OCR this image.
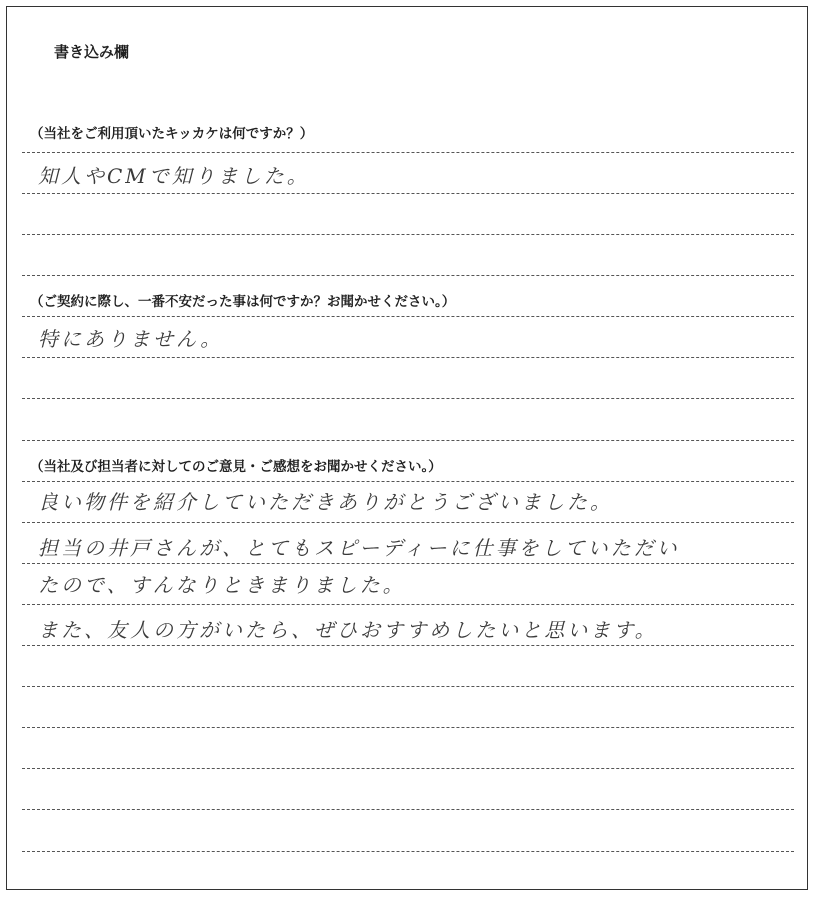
書き込み欄
（当社をご利用頂いたキッカケは何ですか？）
知人やCMで知りました。
（ご契約に際し、一番不安だった事は何ですか？お聞かせください。）
特にありません。
（当社及び担当者に対してのご意見・ご感想をお聞かせください。）
良い物件を紹介していただきありがとうございました。
担当の井戸さんが、とてもスピーディーに仕事をしていただい
たので、すんなりときまりました。
また、友人の方がいたら、ぜひおすすめしたいと思います。
